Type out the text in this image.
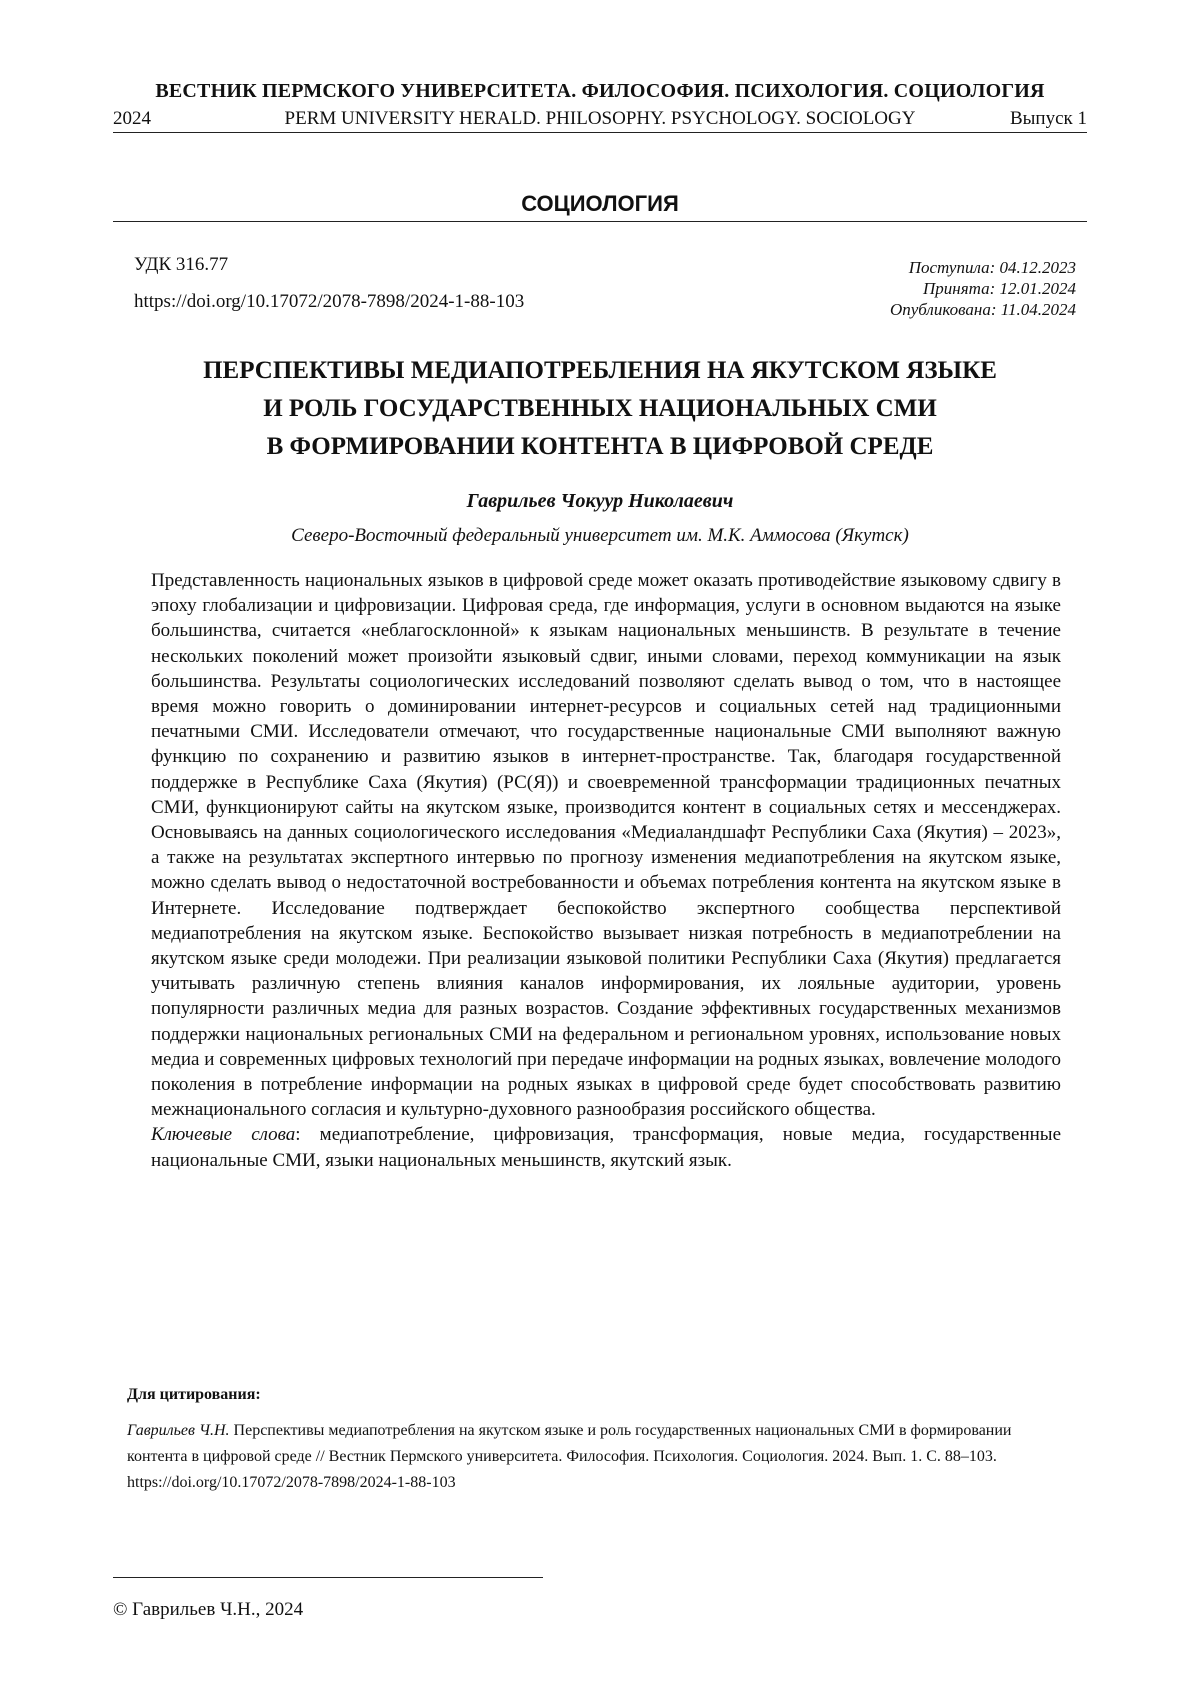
ВЕСТНИК ПЕРМСКОГО УНИВЕРСИТЕТА. ФИЛОСОФИЯ. ПСИХОЛОГИЯ. СОЦИОЛОГИЯ
PERM UNIVERSITY HERALD. PHILOSOPHY. PSYCHOLOGY. SOCIOLOGY
2024	Выпуск 1
СОЦИОЛОГИЯ
УДК 316.77
https://doi.org/10.17072/2078-7898/2024-1-88-103
Поступила: 04.12.2023
Принята: 12.01.2024
Опубликована: 11.04.2024
ПЕРСПЕКТИВЫ МЕДИАПОТРЕБЛЕНИЯ НА ЯКУТСКОМ ЯЗЫКЕ
И РОЛЬ ГОСУДАРСТВЕННЫХ НАЦИОНАЛЬНЫХ СМИ
В ФОРМИРОВАНИИ КОНТЕНТА В ЦИФРОВОЙ СРЕДЕ
Гаврильев Чокуур Николаевич
Северо-Восточный федеральный университет им. М.К. Аммосова (Якутск)

Представленность национальных языков в цифровой среде может оказать противодействие языковому сдвигу в эпоху глобализации и цифровизации. Цифровая среда, где информация, услуги в основном выдаются на языке большинства, считается «неблагосклонной» к языкам национальных меньшинств. В результате в течение нескольких поколений может произойти языковый сдвиг, иными словами, переход коммуникации на язык большинства. Результаты социологических исследований позволяют сделать вывод о том, что в настоящее время можно говорить о доминировании интернет-ресурсов и социальных сетей над традиционными печатными СМИ. Исследователи отмечают, что государственные национальные СМИ выполняют важную функцию по сохранению и развитию языков в интернет-пространстве. Так, благодаря государственной поддержке в Республике Саха (Якутия) (РС(Я)) и своевременной трансформации традиционных печатных СМИ, функционируют сайты на якутском языке, производится контент в социальных сетях и мессенджерах. Основываясь на данных социологического исследования «Медиаландшафт Республики Саха (Якутия) – 2023», а также на результатах экспертного интервью по прогнозу изменения медиапотребления на якутском языке, можно сделать вывод о недостаточной востребованности и объемах потребления контента на якутском языке в Интернете. Исследование подтверждает беспокойство экспертного сообщества перспективой медиапотребления на якутском языке. Беспокойство вызывает низкая потребность в медиапотреблении на якутском языке среди молодежи. При реализации языковой политики Республики Саха (Якутия) предлагается учитывать различную степень влияния каналов информирования, их лояльные аудитории, уровень популярности различных медиа для разных возрастов. Создание эффективных государственных механизмов поддержки национальных региональных СМИ на федеральном и региональном уровнях, использование новых медиа и современных цифровых технологий при передаче информации на родных языках, вовлечение молодого поколения в потребление информации на родных языках в цифровой среде будет способствовать развитию межнационального согласия и культурно-духовного разнообразия российского общества.

Ключевые слова: медиапотребление, цифровизация, трансформация, новые медиа, государственные национальные СМИ, языки национальных меньшинств, якутский язык.

Для цитирования:
Гаврильев Ч.Н. Перспективы медиапотребления на якутском языке и роль государственных национальных СМИ в формировании контента в цифровой среде // Вестник Пермского университета. Философия. Психология. Социология. 2024. Вып. 1. С. 88–103. https://doi.org/10.17072/2078-7898/2024-1-88-103
© Гаврильев Ч.Н., 2024
